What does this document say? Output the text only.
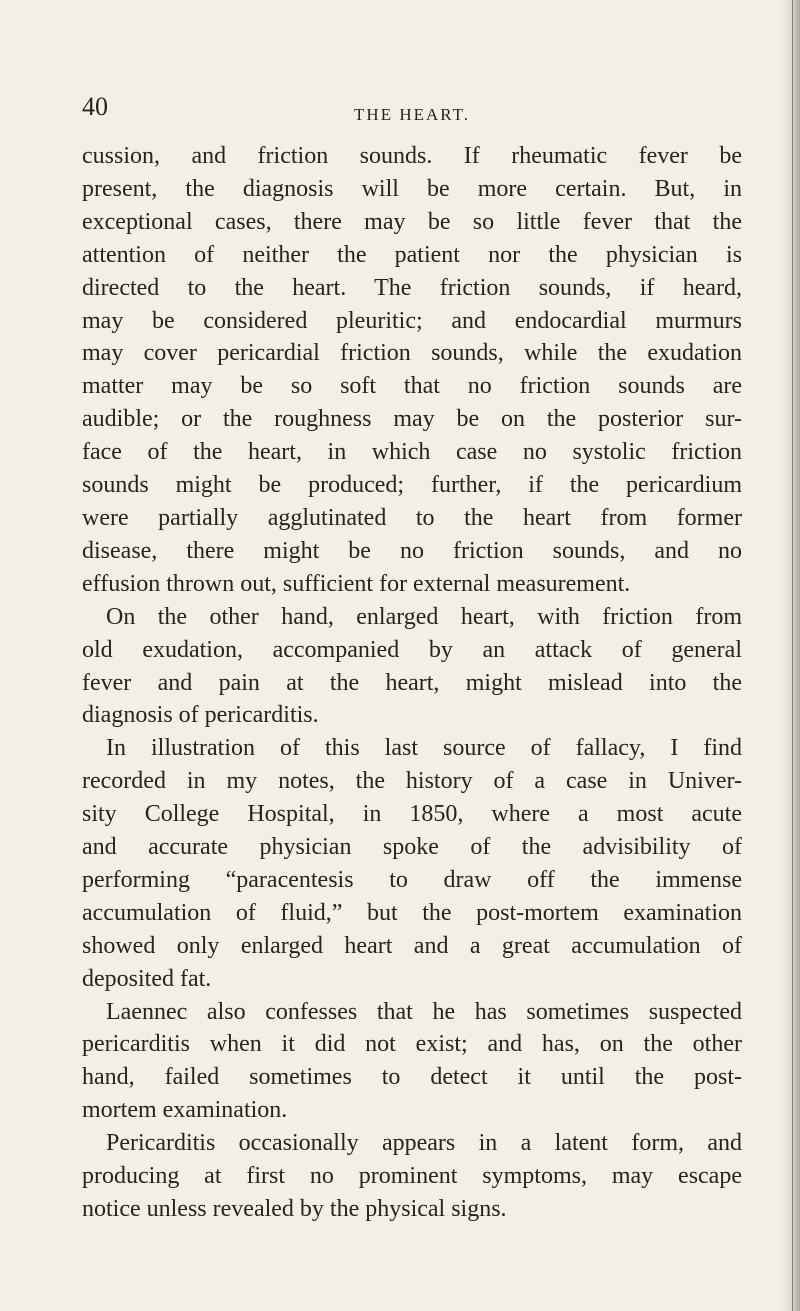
40	THE HEART.
cussion, and friction sounds. If rheumatic fever be
present, the diagnosis will be more certain. But, in
exceptional cases, there may be so little fever that the
attention of neither the patient nor the physician is
directed to the heart. The friction sounds, if heard,
may be considered pleuritic; and endocardial murmurs
may cover pericardial friction sounds, while the exudation
matter may be so soft that no friction sounds are
audible; or the roughness may be on the posterior sur-
face of the heart, in which case no systolic friction
sounds might be produced; further, if the pericardium
were partially agglutinated to the heart from former
disease, there might be no friction sounds, and no
effusion thrown out, sufficient for external measurement.
On the other hand, enlarged heart, with friction from
old exudation, accompanied by an attack of general
fever and pain at the heart, might mislead into the
diagnosis of pericarditis.
In illustration of this last source of fallacy, I find
recorded in my notes, the history of a case in Univer-
sity College Hospital, in 1850, where a most acute
and accurate physician spoke of the advisibility of
performing “paracentesis to draw off the immense
accumulation of fluid,” but the post-mortem examination
showed only enlarged heart and a great accumulation of
deposited fat.
Laennec also confesses that he has sometimes suspected
pericarditis when it did not exist; and has, on the other
hand, failed sometimes to detect it until the post-
mortem examination.
Pericarditis occasionally appears in a latent form, and
producing at first no prominent symptoms, may escape
notice unless revealed by the physical signs.
